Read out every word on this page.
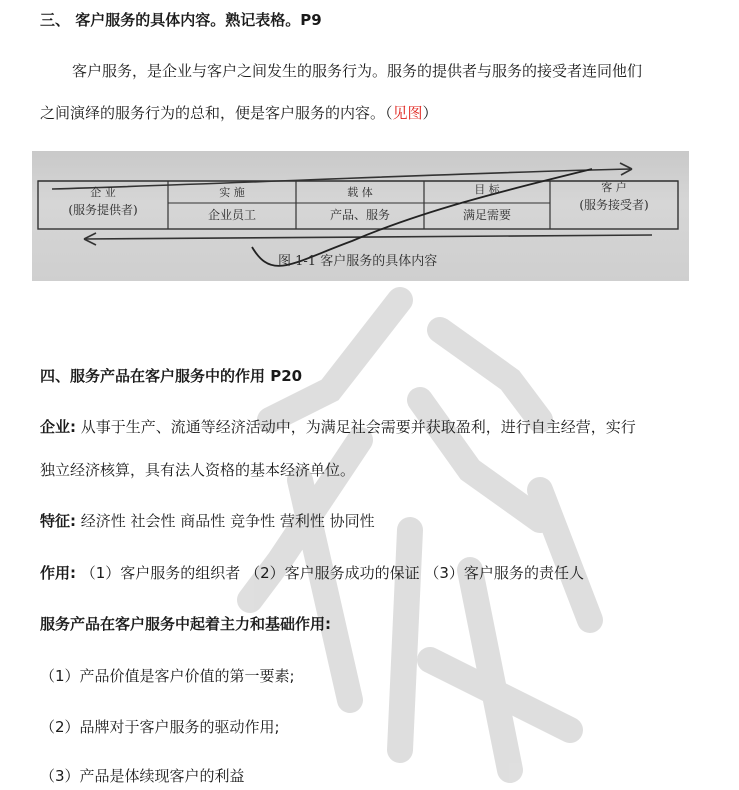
三、 客户服务的具体内容。熟记表格。P9
客户服务，是企业与客户之间发生的服务行为。服务的提供者与服务的接受者连同他们
之间演绎的服务行为的总和，便是客户服务的内容。（见图）
企 业
(服务提供者)
实 施
企业员工
载 体
产品、服务
目 标
满足需要
客 户
(服务接受者)
图 1-1 客户服务的具体内容
四、服务产品在客户服务中的作用 P20
企业: 从事于生产、流通等经济活动中，为满足社会需要并获取盈利，进行自主经营，实行
独立经济核算，具有法人资格的基本经济单位。
特征: 经济性 社会性 商品性 竞争性 营利性 协同性
作用: （1）客户服务的组织者 （2）客户服务成功的保证 （3）客户服务的责任人
服务产品在客户服务中起着主力和基础作用:
（1）产品价值是客户价值的第一要素;
（2）品牌对于客户服务的驱动作用;
（3）产品是体续现客户的利益
